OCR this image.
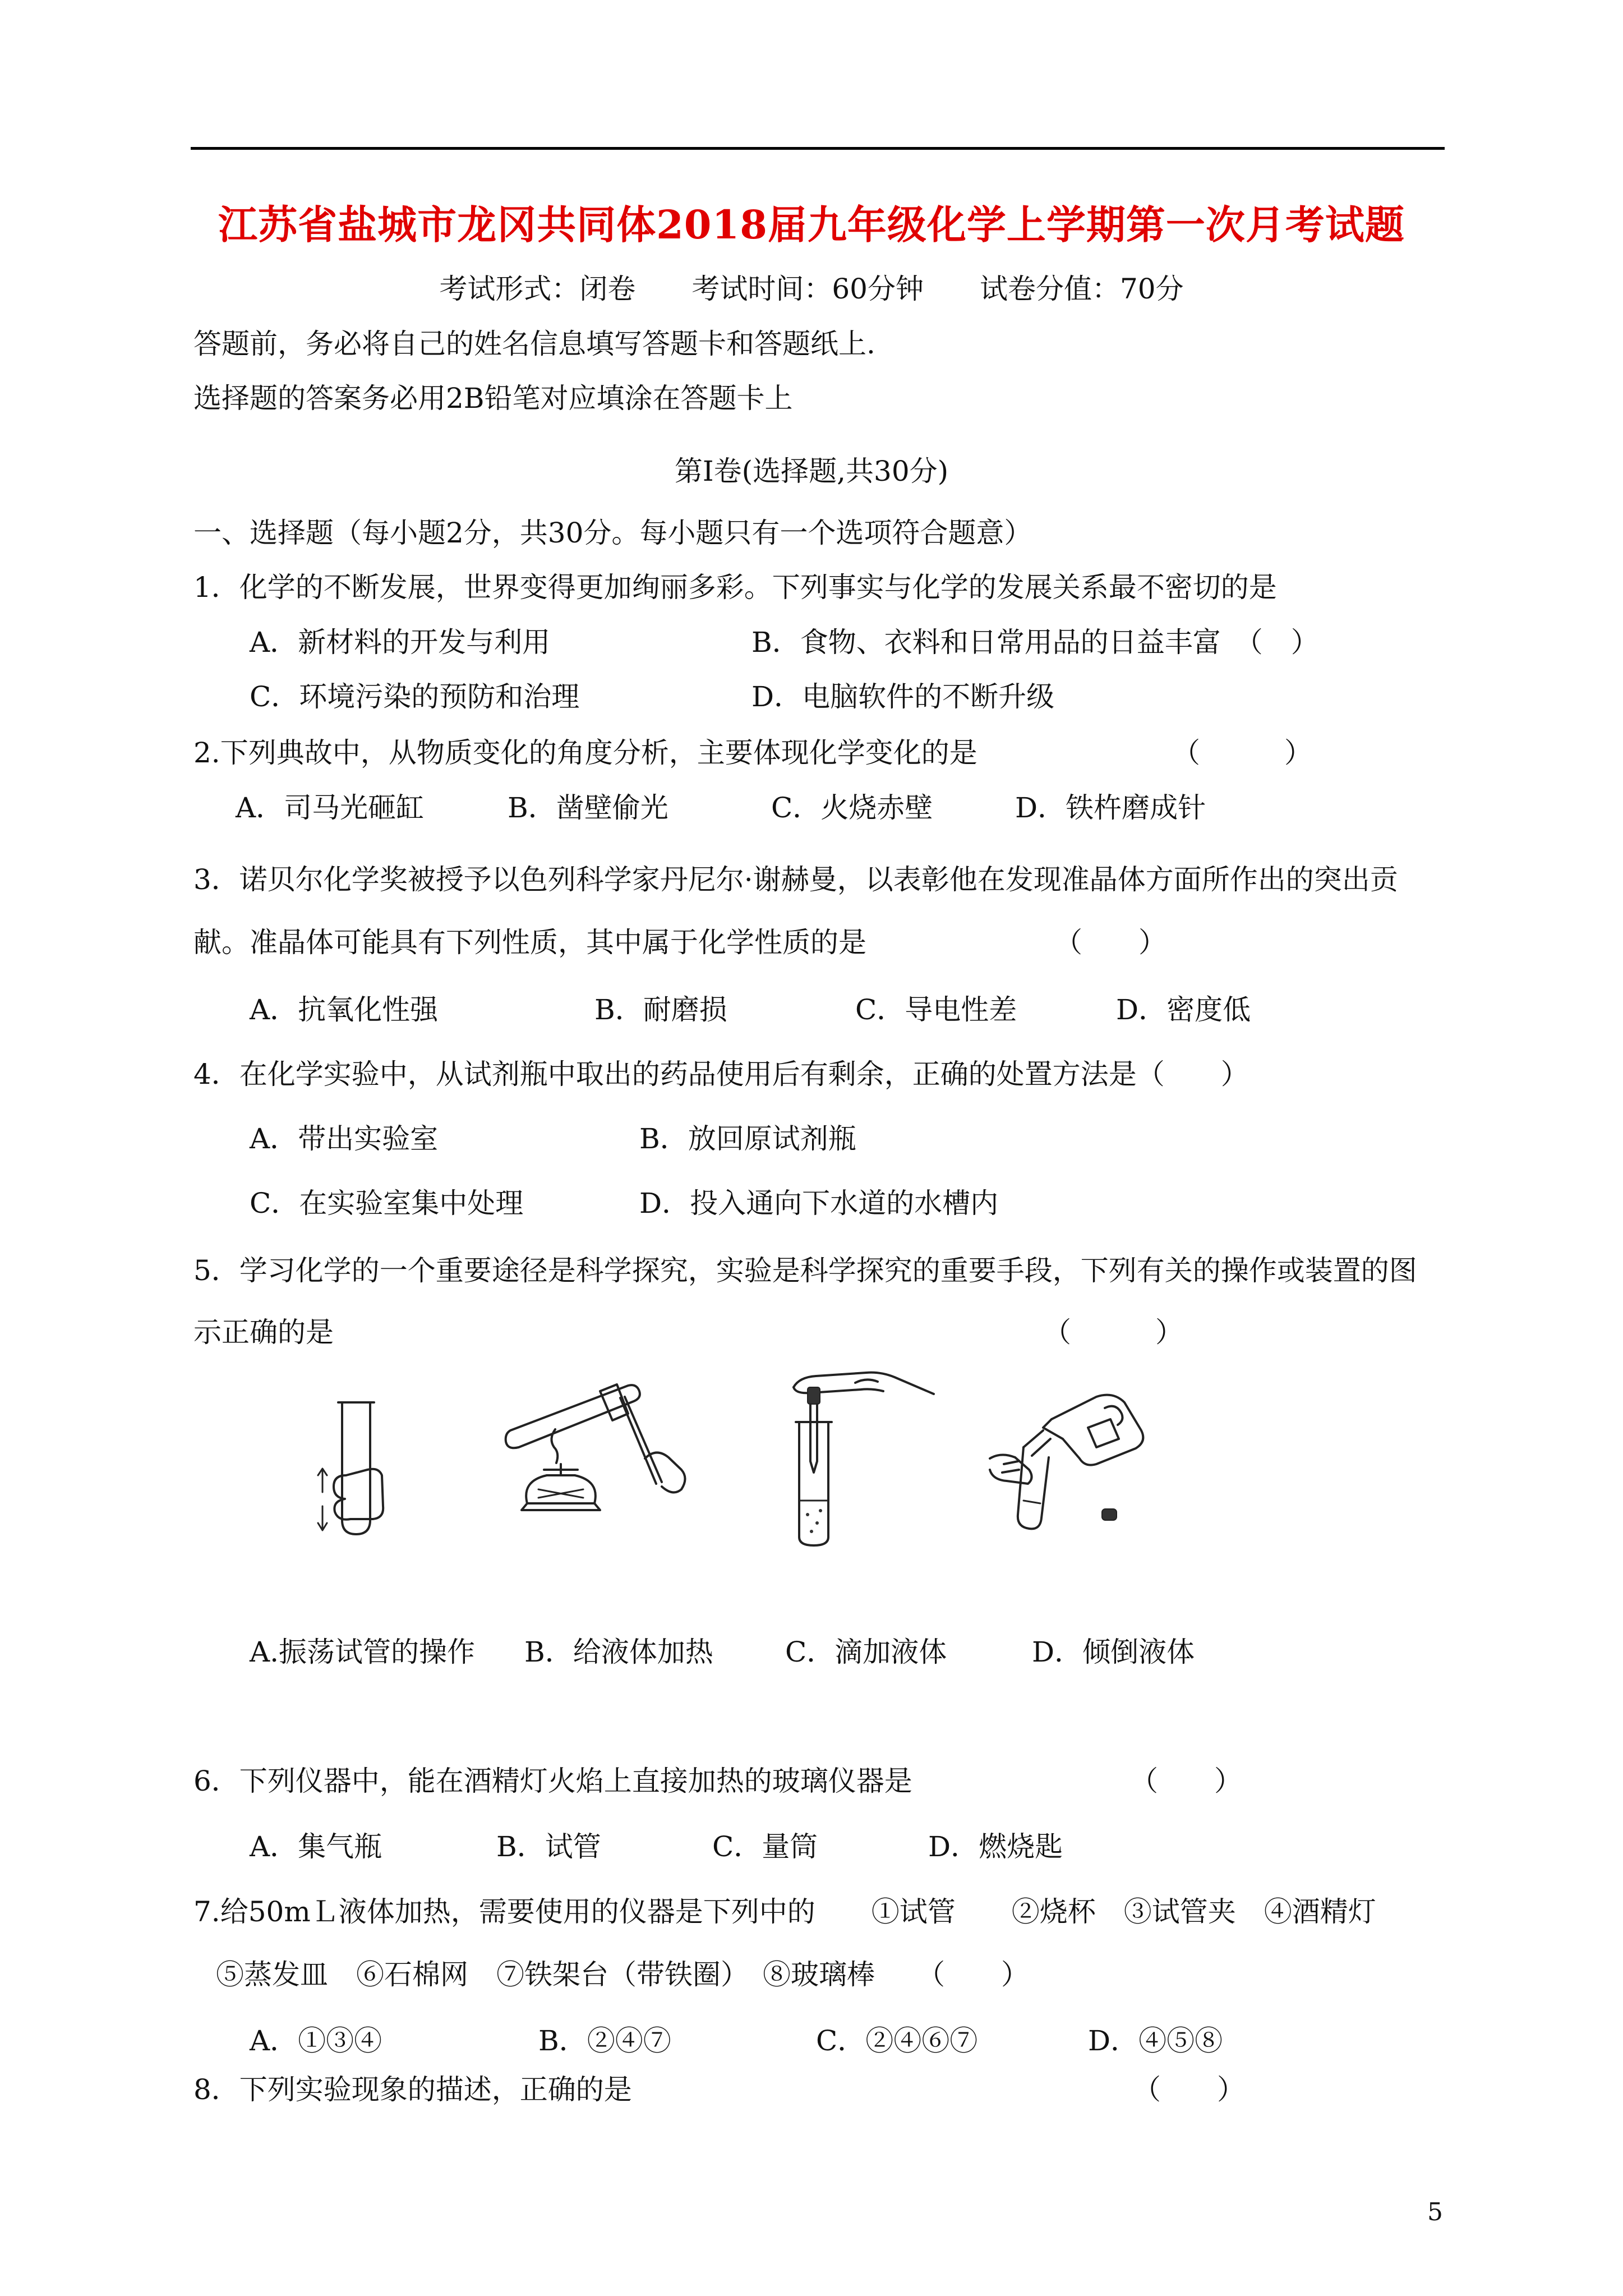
江苏省盐城市龙冈共同体2018届九年级化学上学期第一次月考试题
考试形式：闭卷　　考试时间：60分钟　　试卷分值：70分
答题前，务必将自己的姓名信息填写答题卡和答题纸上.
选择题的答案务必用2B铅笔对应填涂在答题卡上
第Ⅰ卷(选择题,共30分)
一、选择题（每小题2分，共30分。每小题只有一个选项符合题意）
1．化学的不断发展，世界变得更加绚丽多彩。下列事实与化学的发展关系最不密切的是
A．新材料的开发与利用	B．食物、衣料和日常用品的日益丰富　（　）
C．环境污染的预防和治理	D．电脑软件的不断升级
2.下列典故中，从物质变化的角度分析，主要体现化学变化的是	（　　　）
A．司马光砸缸	B．凿壁偷光	C．火烧赤壁	D．铁杵磨成针
3．诺贝尔化学奖被授予以色列科学家丹尼尔·谢赫曼，以表彰他在发现准晶体方面所作出的突出贡
献。准晶体可能具有下列性质，其中属于化学性质的是	（　　）
A．抗氧化性强	B．耐磨损	C．导电性差	D．密度低
4．在化学实验中，从试剂瓶中取出的药品使用后有剩余，正确的处置方法是（　　）
A．带出实验室	B．放回原试剂瓶
C．在实验室集中处理	D．投入通向下水道的水槽内
5．学习化学的一个重要途径是科学探究，实验是科学探究的重要手段，下列有关的操作或装置的图
示正确的是	（　　　）
A.振荡试管的操作 B．给液体加热	C．滴加液体	D．倾倒液体
6．下列仪器中，能在酒精灯火焰上直接加热的玻璃仪器是	（　　）
A．集气瓶	B．试管	C．量筒	D．燃烧匙
7.给50mＬ液体加热，需要使用的仪器是下列中的　　①试管　　②烧杯　③试管夹　④酒精灯
⑤蒸发皿　⑥石棉网　⑦铁架台（带铁圈）　⑧玻璃棒　　（　　）
A．①③④	B．②④⑦	C．②④⑥⑦	D．④⑤⑧
8．下列实验现象的描述，正确的是	（　　）
5
